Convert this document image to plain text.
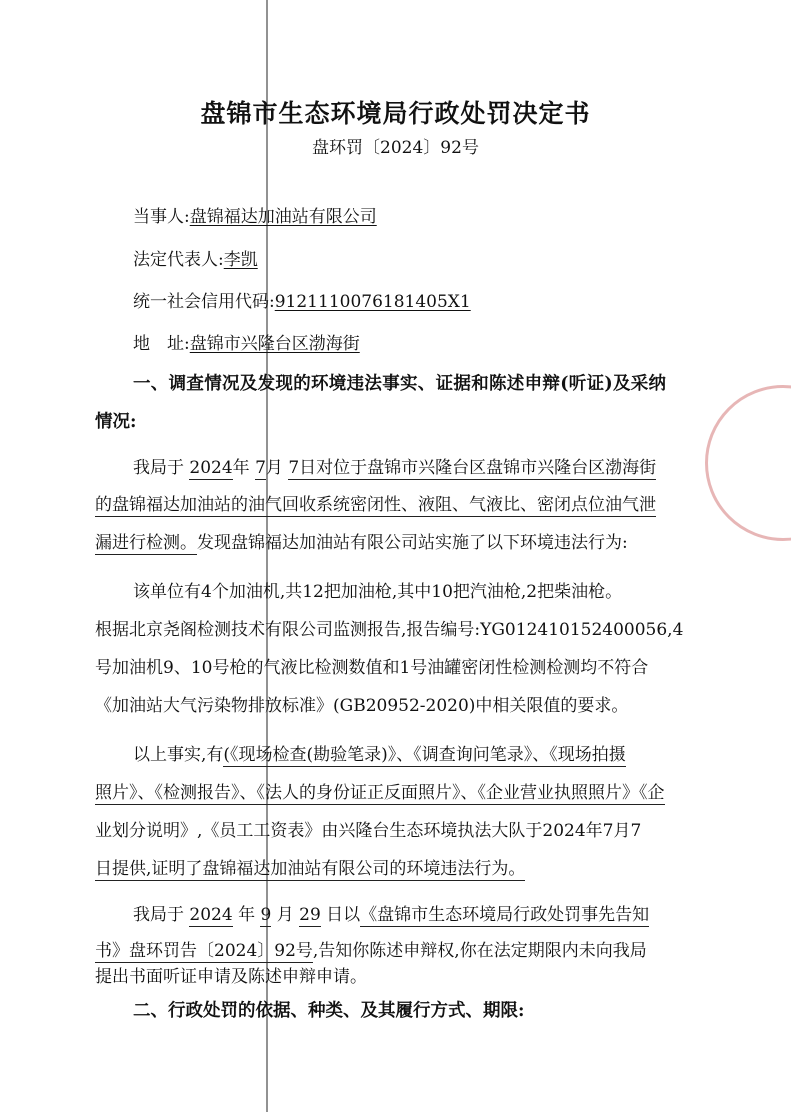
盘锦市生态环境局行政处罚决定书
盘环罚〔2024〕92号
当事人:盘锦福达加油站有限公司
法定代表人:李凯
统一社会信用代码:9121110076181405X1
地　址:盘锦市兴隆台区渤海街
一、调查情况及发现的环境违法事实、证据和陈述申辩(听证)及采纳
情况:
我局于 2024年 7月 7日对位于盘锦市兴隆台区盘锦市兴隆台区渤海街
的盘锦福达加油站的油气回收系统密闭性、液阻、气液比、密闭点位油气泄
漏进行检测。发现盘锦福达加油站有限公司站实施了以下环境违法行为:
该单位有4个加油机,共12把加油枪,其中10把汽油枪,2把柴油枪。
根据北京尧阁检测技术有限公司监测报告,报告编号:YG012410152400056,4
号加油机9、10号枪的气液比检测数值和1号油罐密闭性检测检测均不符合
《加油站大气污染物排放标准》(GB20952-2020)中相关限值的要求。
以上事实,有(《现场检查(勘验笔录)》、《调查询问笔录》、《现场拍摄
照片》、《检测报告》、《法人的身份证正反面照片》、《企业营业执照照片》《企
业划分说明》,《员工工资表》由兴隆台生态环境执法大队于2024年7月7
日提供,证明了盘锦福达加油站有限公司的环境违法行为。
我局于 2024 年 9 月 29 日以《盘锦市生态环境局行政处罚事先告知
书》盘环罚告〔2024〕92号,告知你陈述申辩权,你在法定期限内未向我局
提出书面听证申请及陈述申辩申请。
二、行政处罚的依据、种类、及其履行方式、期限:
